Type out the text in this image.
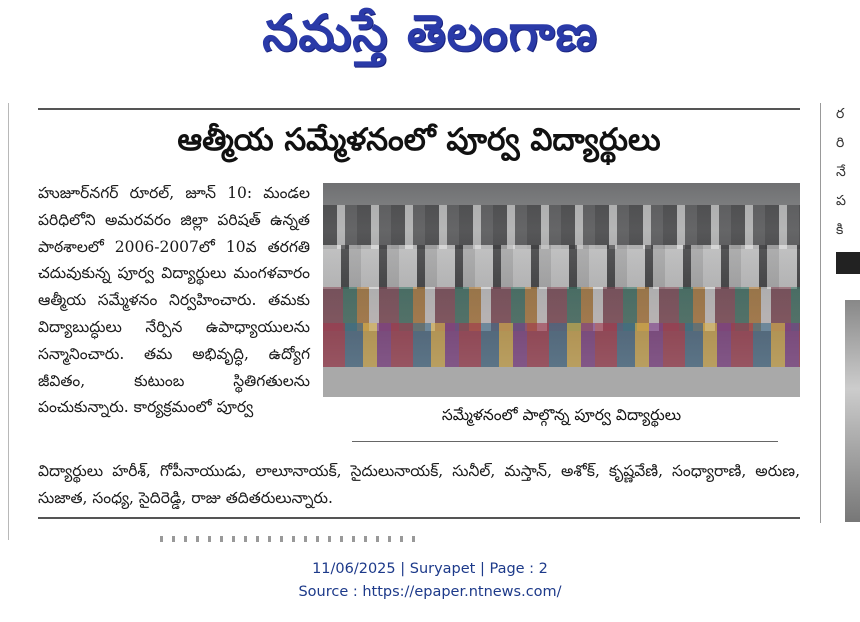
నమస్తే తెలంగాణ
ఆత్మీయ సమ్మేళనంలో పూర్వ విద్యార్థులు
హుజూర్‌నగర్ రూరల్, జూన్ 10: మండల పరిధిలోని అమరవరం జిల్లా పరిషత్ ఉన్నత పాఠశాలలో 2006-2007లో 10వ తరగతి చదువుకున్న పూర్వ విద్యార్థులు మంగళవారం ఆత్మీయ సమ్మేళనం నిర్వహించారు. తమకు విద్యాబుద్ధులు నేర్పిన ఉపాధ్యాయులను సన్మానించారు. తమ అభివృద్ధి, ఉద్యోగ జీవితం, కుటుంబ స్థితిగతులను పంచుకున్నారు. కార్యక్రమంలో పూర్వ	సమ్మేళనంలో పాల్గొన్న పూర్వ విద్యార్థులు
విద్యార్థులు హరీశ్, గోపీనాయుడు, లాలూనాయక్, సైదులునాయక్, సునీల్, మస్తాన్, అశోక్, కృష్ణవేణి, సంధ్యారాణి, అరుణ, సుజాత, సంధ్య, సైదిరెడ్డి, రాజు తదితరులున్నారు.
ర
రి
నే
ప
కి
11/06/2025 | Suryapet | Page : 2
Source : https://epaper.ntnews.com/
